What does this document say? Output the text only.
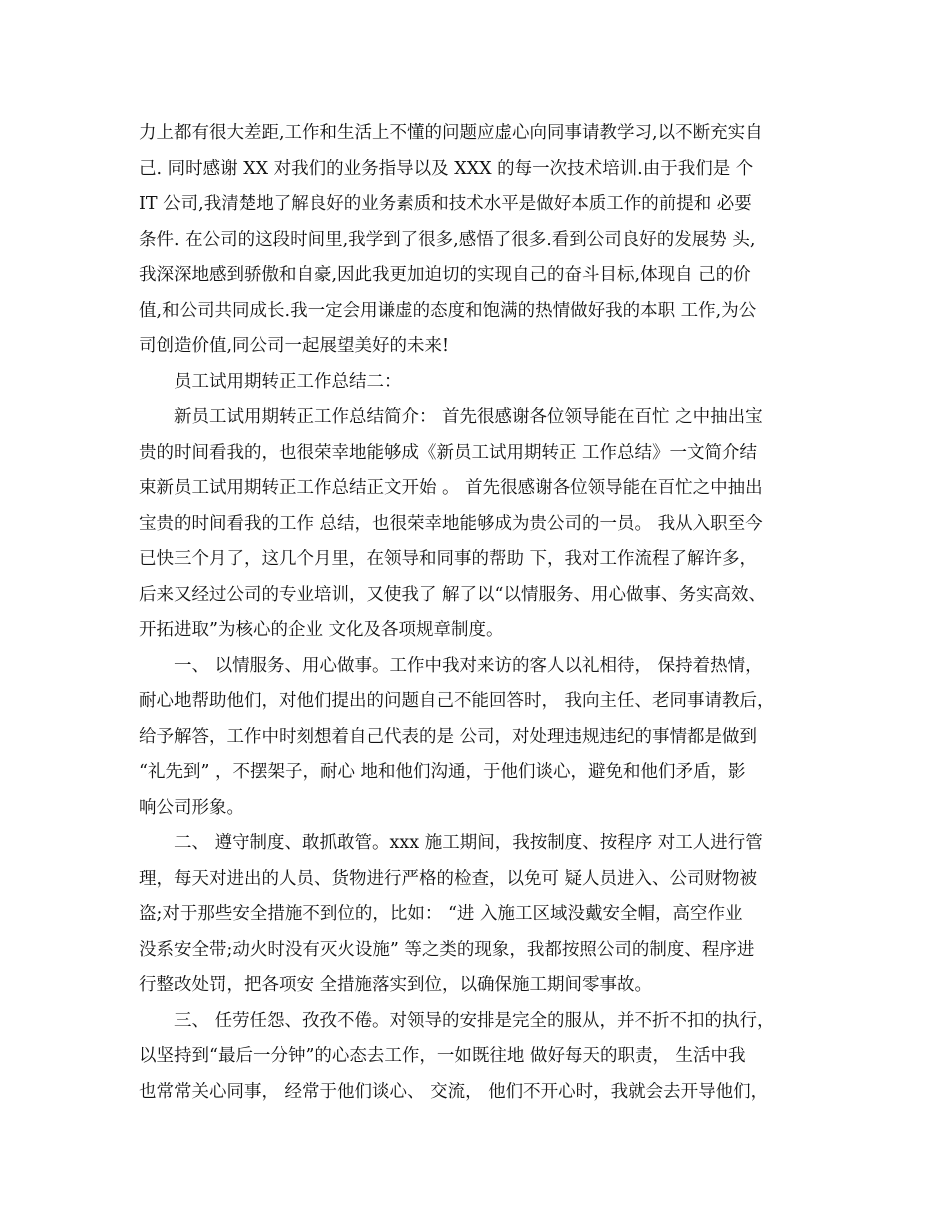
力上都有很大差距,工作和生活上不懂的问题应虚心向同事请教学习,以不断充实自
己. 同时感谢 XX 对我们的业务指导以及 XXX 的每一次技术培训.由于我们是 个
IT 公司,我清楚地了解良好的业务素质和技术水平是做好本质工作的前提和 必要
条件. 在公司的这段时间里,我学到了很多,感悟了很多.看到公司良好的发展势 头,
我深深地感到骄傲和自豪,因此我更加迫切的实现自己的奋斗目标,体现自 己的价
值,和公司共同成长.我一定会用谦虚的态度和饱满的热情做好我的本职 工作,为公
司创造价值,同公司一起展望美好的未来!
员工试用期转正工作总结二：
新员工试用期转正工作总结简介： 首先很感谢各位领导能在百忙 之中抽出宝
贵的时间看我的，也很荣幸地能够成《新员工试用期转正 工作总结》一文简介结
束新员工试用期转正工作总结正文开始 。 首先很感谢各位领导能在百忙之中抽出
宝贵的时间看我的工作 总结，也很荣幸地能够成为贵公司的一员。 我从入职至今
已快三个月了，这几个月里，在领导和同事的帮助 下，我对工作流程了解许多，
后来又经过公司的专业培训，又使我了 解了以“以情服务、用心做事、务实高效、
开拓进取”为核心的企业 文化及各项规章制度。
一、 以情服务、用心做事。工作中我对来访的客人以礼相待， 保持着热情，
耐心地帮助他们，对他们提出的问题自己不能回答时， 我向主任、老同事请教后，
给予解答，工作中时刻想着自己代表的是 公司，对处理违规违纪的事情都是做到
“礼先到” ，不摆架子，耐心 地和他们沟通，于他们谈心，避免和他们矛盾，影
响公司形象。
二、 遵守制度、敢抓敢管。xxx 施工期间，我按制度、按程序 对工人进行管
理，每天对进出的人员、货物进行严格的检查，以免可 疑人员进入、公司财物被
盗;对于那些安全措施不到位的，比如： “进 入施工区域没戴安全帽，高空作业
没系安全带;动火时没有灭火设施” 等之类的现象，我都按照公司的制度、程序进
行整改处罚，把各项安 全措施落实到位，以确保施工期间零事故。
三、 任劳任怨、孜孜不倦。对领导的安排是完全的服从，并不折不扣的执行，
以坚持到“最后一分钟”的心态去工作，一如既往地 做好每天的职责， 生活中我
也常常关心同事， 经常于他们谈心、 交流， 他们不开心时，我就会去开导他们，
